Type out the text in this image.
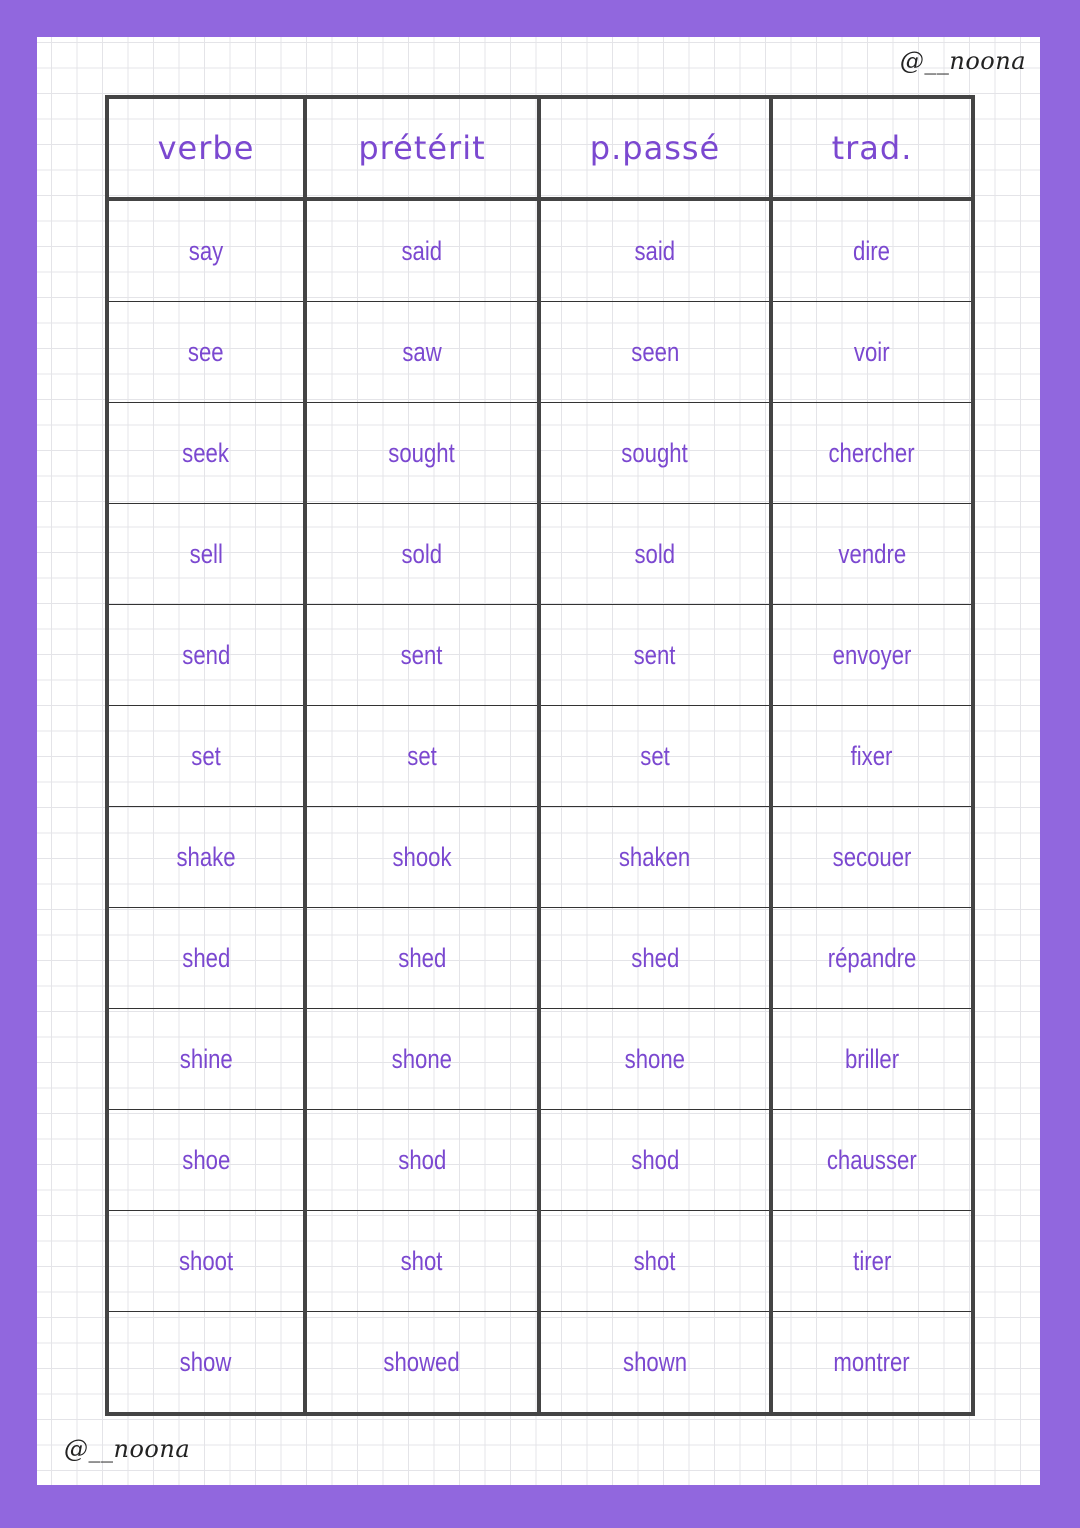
@__noona
verbe	prétérit	p.passé	trad.
say	said	said	dire
see	saw	seen	voir
seek	sought	sought	chercher
sell	sold	sold	vendre
send	sent	sent	envoyer
set	set	set	fixer
shake	shook	shaken	secouer
shed	shed	shed	répandre
shine	shone	shone	briller
shoe	shod	shod	chausser
shoot	shot	shot	tirer
show	showed	shown	montrer
@__noona
